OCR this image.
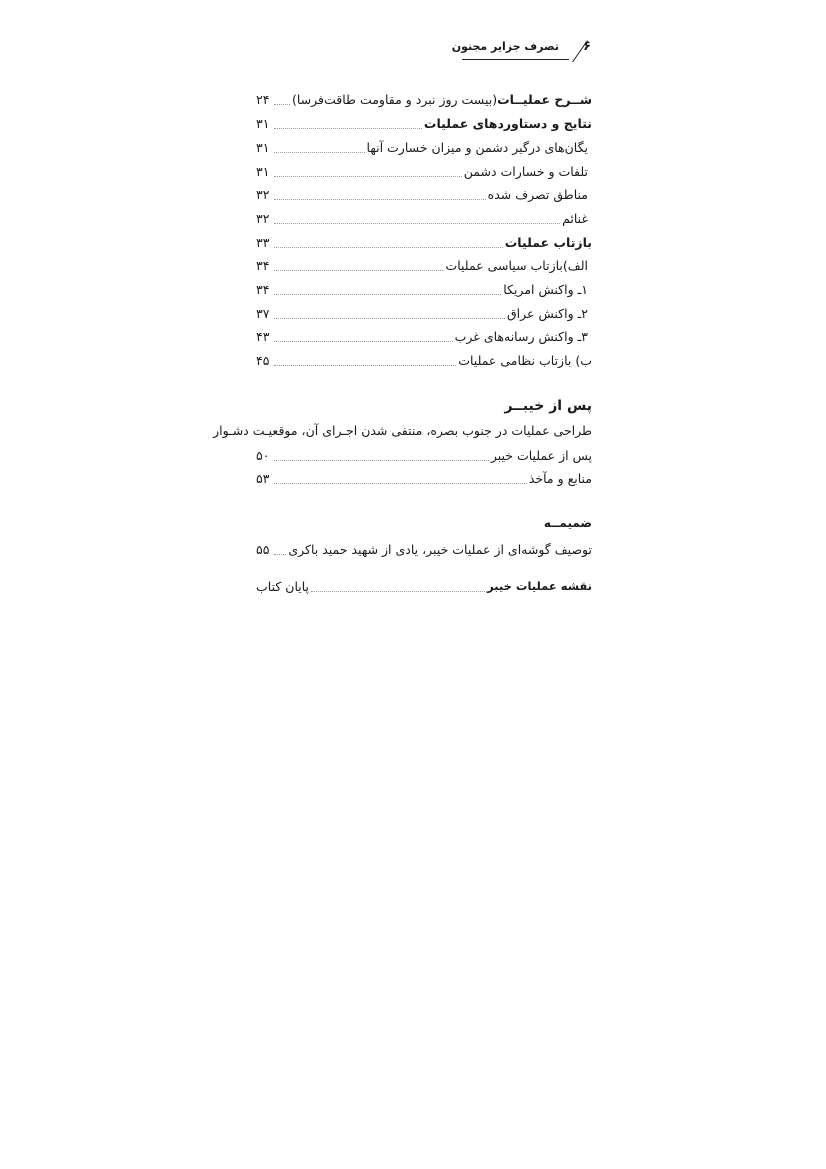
۶
تصرف جزایر مجنون
شــرح عملیــات(بیست روز نبرد و مقاومت طاقت‌فرسا)
۲۴
نتایج و دستاوردهای عملیات
۳۱
یگان‌های درگیر دشمن و میزان خسارت آنها
۳۱
تلفات و خسارات دشمن
۳۱
مناطق تصرف شده
۳۲
غنائم
۳۲
بازتاب عملیات
۳۳
الف)بازتاب سیاسی عملیات
۳۴
۱ـ واکنش امریکا
۳۴
۲ـ واکنش عراق
۳۷
۳ـ واکنش رسانه‌های غرب
۴۳
ب) بازتاب نظامی عملیات
۴۵
پس از خیبــر
طراحی عملیات در جنوب بصره، منتفی شدن اجـرای آن، موقعیـت دشـوار
پس از عملیات خیبر
۵۰
منابع و مآخذ
۵۳
ضمیمــه
توصیف گوشه‌ای از عملیات خیبر، یادی از شهید حمید باکری
۵۵
نقشه عملیات خیبر
پایان کتاب
